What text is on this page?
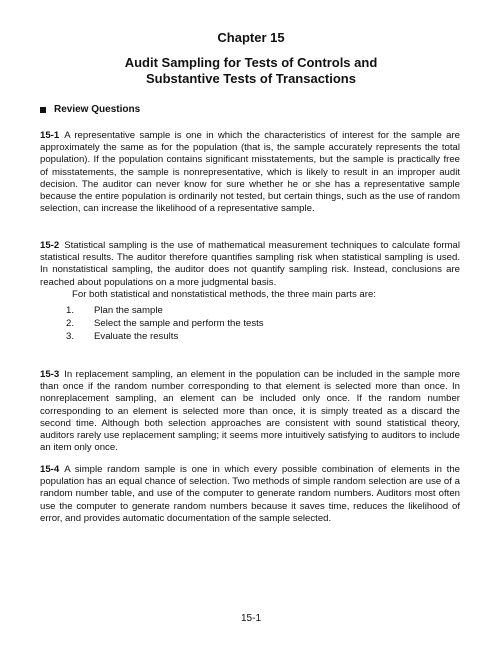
Chapter 15
Audit Sampling for Tests of Controls and
Substantive Tests of Transactions
Review Questions

15-1 A representative sample is one in which the characteristics of interest for the sample are approximately the same as for the population (that is, the sample accurately represents the total population). If the population contains significant misstatements, but the sample is practically free of misstatements, the sample is nonrepresentative, which is likely to result in an improper audit decision. The auditor can never know for sure whether he or she has a representative sample because the entire population is ordinarily not tested, but certain things, such as the use of random selection, can increase the likelihood of a representative sample.

15-2 Statistical sampling is the use of mathematical measurement techniques to calculate formal statistical results. The auditor therefore quantifies sampling risk when statistical sampling is used. In nonstatistical sampling, the auditor does not quantify sampling risk. Instead, conclusions are reached about populations on a more judgmental basis.

For both statistical and nonstatistical methods, the three main parts are:

1.	Plan the sample
2.	Select the sample and perform the tests
3.	Evaluate the results

15-3 In replacement sampling, an element in the population can be included in the sample more than once if the random number corresponding to that element is selected more than once. In nonreplacement sampling, an element can be included only once. If the random number corresponding to an element is selected more than once, it is simply treated as a discard the second time. Although both selection approaches are consistent with sound statistical theory, auditors rarely use replacement sampling; it seems more intuitively satisfying to auditors to include an item only once.

15-4 A simple random sample is one in which every possible combination of elements in the population has an equal chance of selection. Two methods of simple random selection are use of a random number table, and use of the computer to generate random numbers. Auditors most often use the computer to generate random numbers because it saves time, reduces the likelihood of error, and provides automatic documentation of the sample selected.

15-1
